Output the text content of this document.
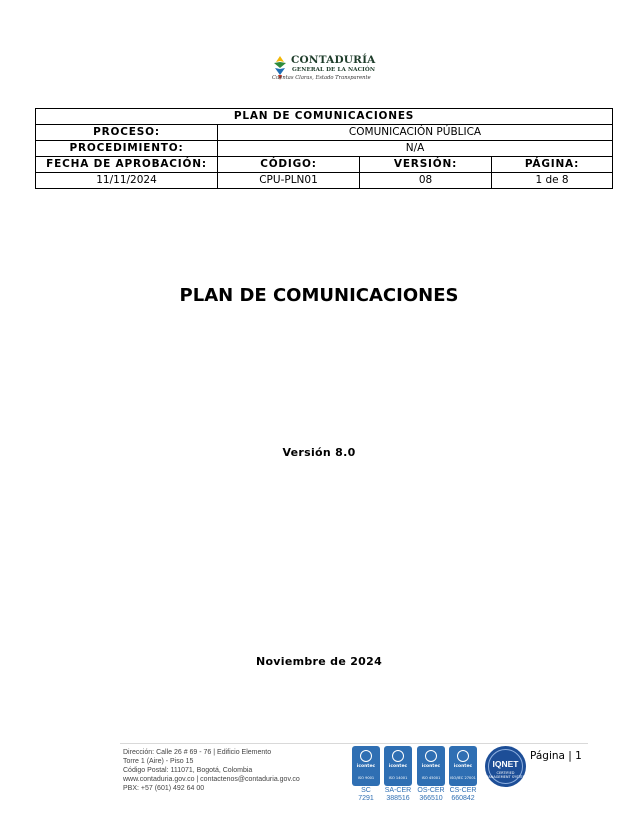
CONTADURÍA
GENERAL DE LA NACIÓN
Cuentas Claras, Estado Transparente
PLAN DE COMUNICACIONES			
PROCESO:	COMUNICACIÓN PÚBLICA		
PROCEDIMIENTO:	N/A		
FECHA DE APROBACIÓN:	CÓDIGO:	VERSIÓN:	PÁGINA:
11/11/2024	CPU-PLN01	08	1 de 8
PLAN DE COMUNICACIONES
Versión 8.0
Noviembre de 2024
Dirección: Calle 26 # 69 - 76 | Edificio Elemento
Torre 1 (Aire) - Piso 15
Código Postal: 111071, Bogotá, Colombia
www.contaduria.gov.co | contactenos@contaduria.gov.co
PBX: +57 (601) 492 64 00
icontec
ISO 9001
SC
7291
icontec
ISO 14001
SA-CER
388516
icontec
ISO 45001
OS-CER
366510
icontec
ISO/IEC 27001
CS-CER
660842
IQNET
CERTIFIED MANAGEMENT SYSTEM
Página | 1
